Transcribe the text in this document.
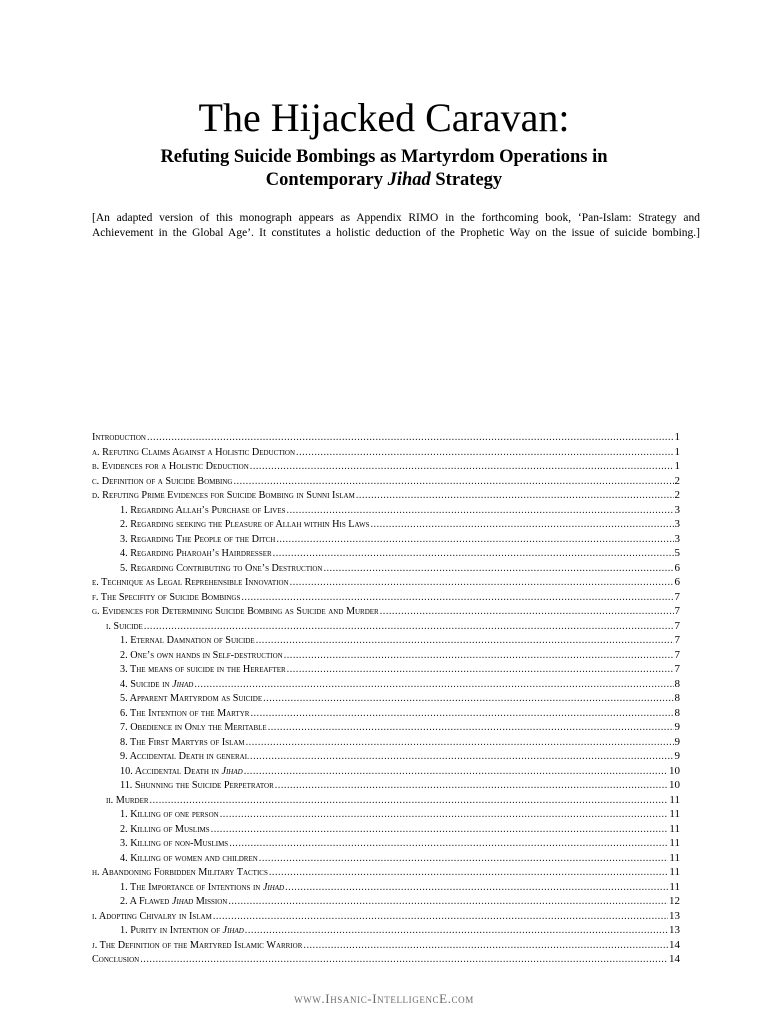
The Hijacked Caravan:
Refuting Suicide Bombings as Martyrdom Operations in
Contemporary Jihad Strategy

[An adapted version of this monograph appears as Appendix RIMO in the forthcoming book, ‘Pan-Islam: Strategy and Achievement in the Global Age’. It constitutes a holistic deduction of the Prophetic Way on the issue of suicide bombing.]

Introduction .....	1
a. Refuting Claims Against a Holistic Deduction .....	1
b. Evidences for a Holistic Deduction .....	1
c. Definition of a Suicide Bombing .....	2
d. Refuting Prime Evidences for Suicide Bombing in Sunni Islam .....	2
1. Regarding Allah’s Purchase of Lives .....	3
2. Regarding seeking the Pleasure of Allah within His Laws .....	3
3. Regarding The People of the Ditch .....	3
4. Regarding Pharoah’s Hairdresser .....	5
5. Regarding Contributing to One’s Destruction .....	6
e. Technique as Legal Reprehensible Innovation .....	6
f. The Specifity of Suicide Bombings .....	7
g. Evidences for Determining Suicide Bombing as Suicide and Murder .....	7
i. Suicide .....	7
1. Eternal Damnation of Suicide .....	7
2. One’s own hands in Self-destruction .....	7
3. The means of suicide in the Hereafter .....	7
4. Suicide in Jihad .....	8
5. Apparent Martyrdom as Suicide .....	8
6. The Intention of the Martyr .....	8
7. Obedience in Only the Meritable .....	9
8. The First Martyrs of Islam .....	9
9. Accidental Death in general .....	9
10. Accidental Death in Jihad .....	10
11. Shunning the Suicide Perpetrator .....	10
ii. Murder .....	11
1. Killing of one person .....	11
2. Killing of Muslims .....	11
3. Killing of non-Muslims .....	11
4. Killing of women and children .....	11
h. Abandoning Forbidden Military Tactics .....	11
1. The Importance of Intentions in Jihad .....	11
2. A Flawed Jihad Mission .....	12
i. Adopting Chivalry in Islam .....	13
1. Purity in Intention of Jihad .....	13
j. The Definition of the Martyred Islamic Warrior .....	14
Conclusion .....	14

www.Ihsanic-IntelligencE.com
